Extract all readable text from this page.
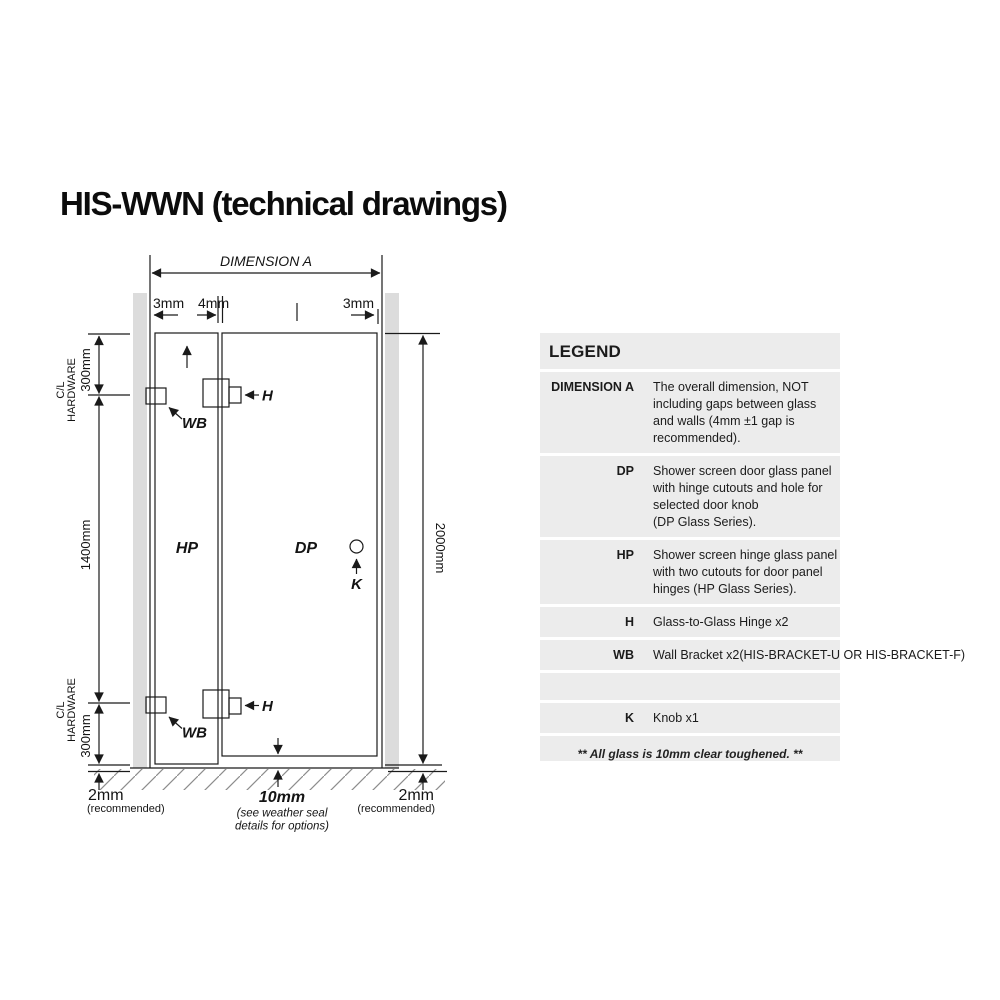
HIS-WWN (technical drawings)
DIMENSION A
3mm 4mm	3mm
C/L HARDWARE 300mm
1400mm
C/L HARDWARE 300mm
2000mm
10mm
(see weather seal
details for options)
2mm
(recommended)
2mm
(recommended)
H
H
WB
WB
HP	DP
K
LEGEND
DIMENSION A The overall dimension, NOT
including gaps between glass
and walls (4mm ±1 gap is
recommended).
DP Shower screen door glass panel
with hinge cutouts and hole for
selected door knob
(DP Glass Series).
HP Shower screen hinge glass panel
with two cutouts for door panel
hinges (HP Glass Series).
H Glass-to-Glass Hinge x2
WB Wall Bracket x2(HIS-BRACKET-U OR HIS-BRACKET-F)
K Knob x1
** All glass is 10mm clear toughened. **
